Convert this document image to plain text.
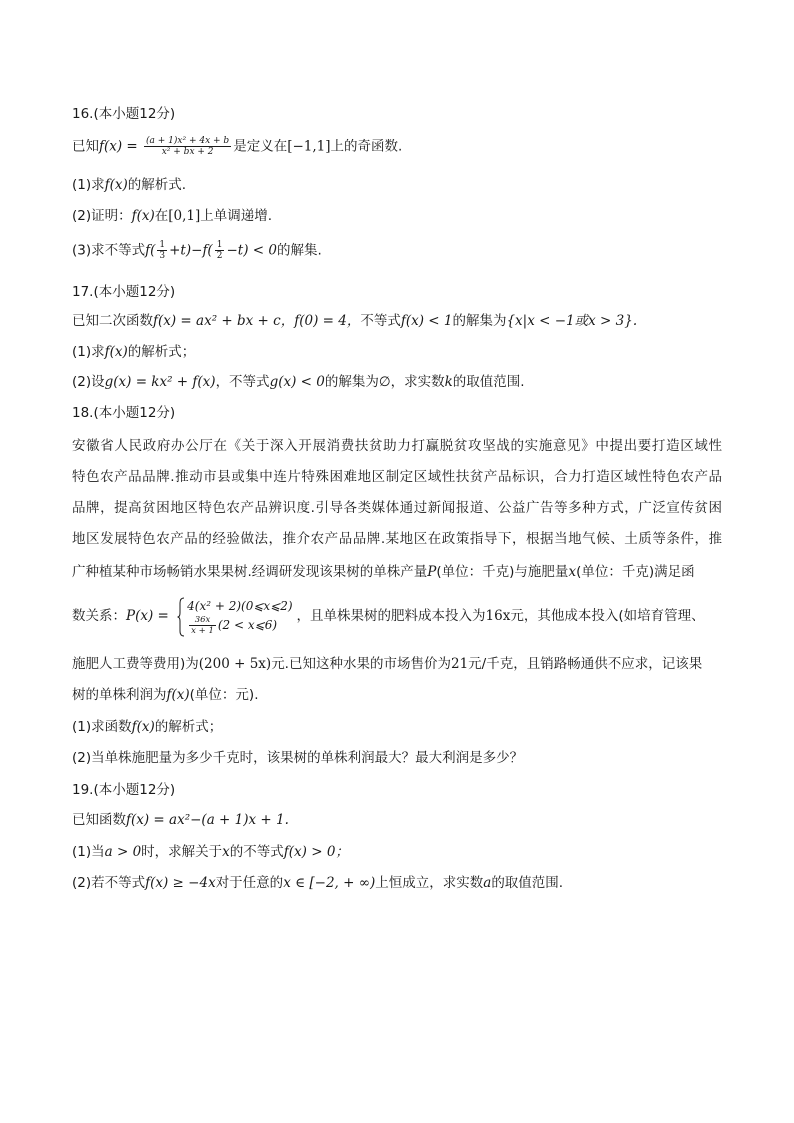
16.(本小题12分)
已知$f(x) = \frac{\text{(a + 1)x² + 4x + b}}{\text{x² + bx + 2}}$ 是定义在[−1,1]上的奇函数.
(1)求f(x)的解析式.
(2)证明：f(x)在[0,1]上单调递增.
(3)求不等式$f( \frac{1}{3} +t)-f( \frac{1}{2} -t) < 0$的解集.
17.(本小题12分)
已知二次函数f(x) = ax² + bx + c，f(0) = 4，不等式f(x) < 1的解集为{x|x < −1或x > 3}.
(1)求f(x)的解析式；
(2)设g(x) = kx² + f(x)，不等式g(x) < 0的解集为∅，求实数k的取值范围.
18.(本小题12分)
安徽省人民政府办公厅在《关于深入开展消费扶贫助力打赢脱贫攻坚战的实施意见》中提出要打造区域性
特色农产品品牌.推动市县或集中连片特殊困难地区制定区域性扶贫产品标识，合力打造区域性特色农产品
品牌，提高贫困地区特色农产品辨识度.引导各类媒体通过新闻报道、公益广告等多种方式，广泛宣传贫困
地区发展特色农产品的经验做法，推介农产品品牌.某地区在政策指导下，根据当地气候、土质等条件，推
广种植某种市场畅销水果果树.经调研发现该果树的单株产量P(单位：千克)与施肥量x(单位：千克)满足函
数关系：P(x) =
4(x² + 2)(0⩽x⩽2)
$\frac{36x}{x + 1} (2$ < x⩽6)
，且单株果树的肥料成本投入为16x元，其他成本投入(如培育管理、
施肥人工费等费用)为(200 + 5x)元.已知这种水果的市场售价为21元/千克，且销路畅通供不应求，记该果
树的单株利润为f(x)(单位：元).
(1)求函数f(x)的解析式；
(2)当单株施肥量为多少千克时，该果树的单株利润最大？最大利润是多少？
19.(本小题12分)
已知函数f(x) = ax²−(a + 1)x + 1.
(1)当a > 0时，求解关于x的不等式f(x) > 0；
(2)若不等式f(x) ≥ −4x对于任意的x ∈ [−2, + ∞)上恒成立，求实数a的取值范围.
